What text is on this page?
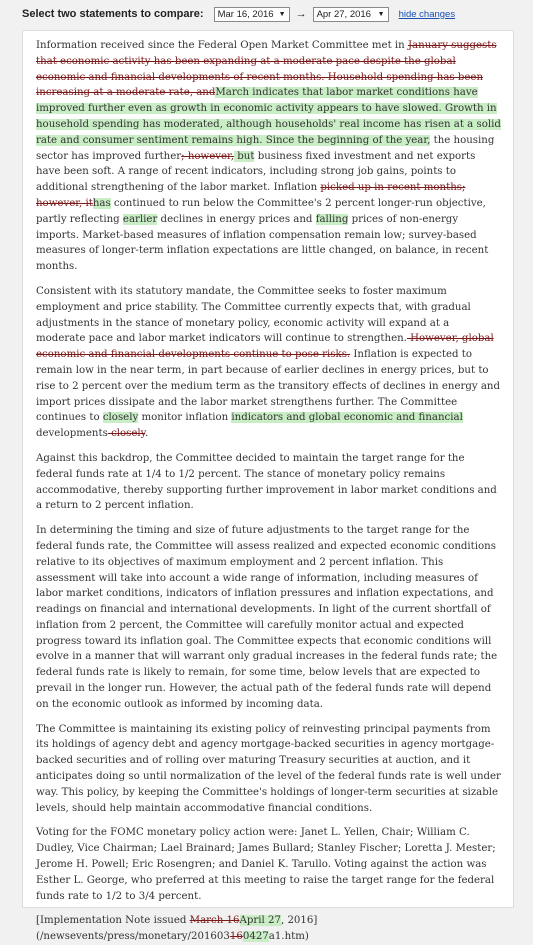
Select two statements to compare: Mar 16, 2016 ▼ → Apr 27, 2016 ▼ hide changes

Information received since the Federal Open Market Committee met in January suggests that economic activity has been expanding at a moderate pace despite the global economic and financial developments of recent months. Household spending has been increasing at a moderate rate, andMarch indicates that labor market conditions have improved further even as growth in economic activity appears to have slowed. Growth in household spending has moderated, although households' real income has risen at a solid rate and consumer sentiment remains high. Since the beginning of the year, the housing sector has improved further; however, but business fixed investment and net exports have been soft. A range of recent indicators, including strong job gains, points to additional strengthening of the labor market. Inflation picked up in recent months; however, ithas continued to run below the Committee's 2 percent longer-run objective, partly reflecting earlier declines in energy prices and falling prices of non-energy imports. Market-based measures of inflation compensation remain low; survey-based measures of longer-term inflation expectations are little changed, on balance, in recent months.

Consistent with its statutory mandate, the Committee seeks to foster maximum employment and price stability. The Committee currently expects that, with gradual adjustments in the stance of monetary policy, economic activity will expand at a moderate pace and labor market indicators will continue to strengthen. However, global economic and financial developments continue to pose risks. Inflation is expected to remain low in the near term, in part because of earlier declines in energy prices, but to rise to 2 percent over the medium term as the transitory effects of declines in energy and import prices dissipate and the labor market strengthens further. The Committee continues to closely monitor inflation indicators and global economic and financial developments closely.

Against this backdrop, the Committee decided to maintain the target range for the federal funds rate at 1/4 to 1/2 percent. The stance of monetary policy remains accommodative, thereby supporting further improvement in labor market conditions and a return to 2 percent inflation.

In determining the timing and size of future adjustments to the target range for the federal funds rate, the Committee will assess realized and expected economic conditions relative to its objectives of maximum employment and 2 percent inflation. This assessment will take into account a wide range of information, including measures of labor market conditions, indicators of inflation pressures and inflation expectations, and readings on financial and international developments. In light of the current shortfall of inflation from 2 percent, the Committee will carefully monitor actual and expected progress toward its inflation goal. The Committee expects that economic conditions will evolve in a manner that will warrant only gradual increases in the federal funds rate; the federal funds rate is likely to remain, for some time, below levels that are expected to prevail in the longer run. However, the actual path of the federal funds rate will depend on the economic outlook as informed by incoming data.

The Committee is maintaining its existing policy of reinvesting principal payments from its holdings of agency debt and agency mortgage-backed securities in agency mortgage-backed securities and of rolling over maturing Treasury securities at auction, and it anticipates doing so until normalization of the level of the federal funds rate is well under way. This policy, by keeping the Committee's holdings of longer-term securities at sizable levels, should help maintain accommodative financial conditions.

Voting for the FOMC monetary policy action were: Janet L. Yellen, Chair; William C. Dudley, Vice Chairman; Lael Brainard; James Bullard; Stanley Fischer; Loretta J. Mester; Jerome H. Powell; Eric Rosengren; and Daniel K. Tarullo. Voting against the action was Esther L. George, who preferred at this meeting to raise the target range for the federal funds rate to 1/2 to 3/4 percent.

[Implementation Note issued March 16April 27, 2016]
(/newsevents/press/monetary/201603160427a1.htm)
